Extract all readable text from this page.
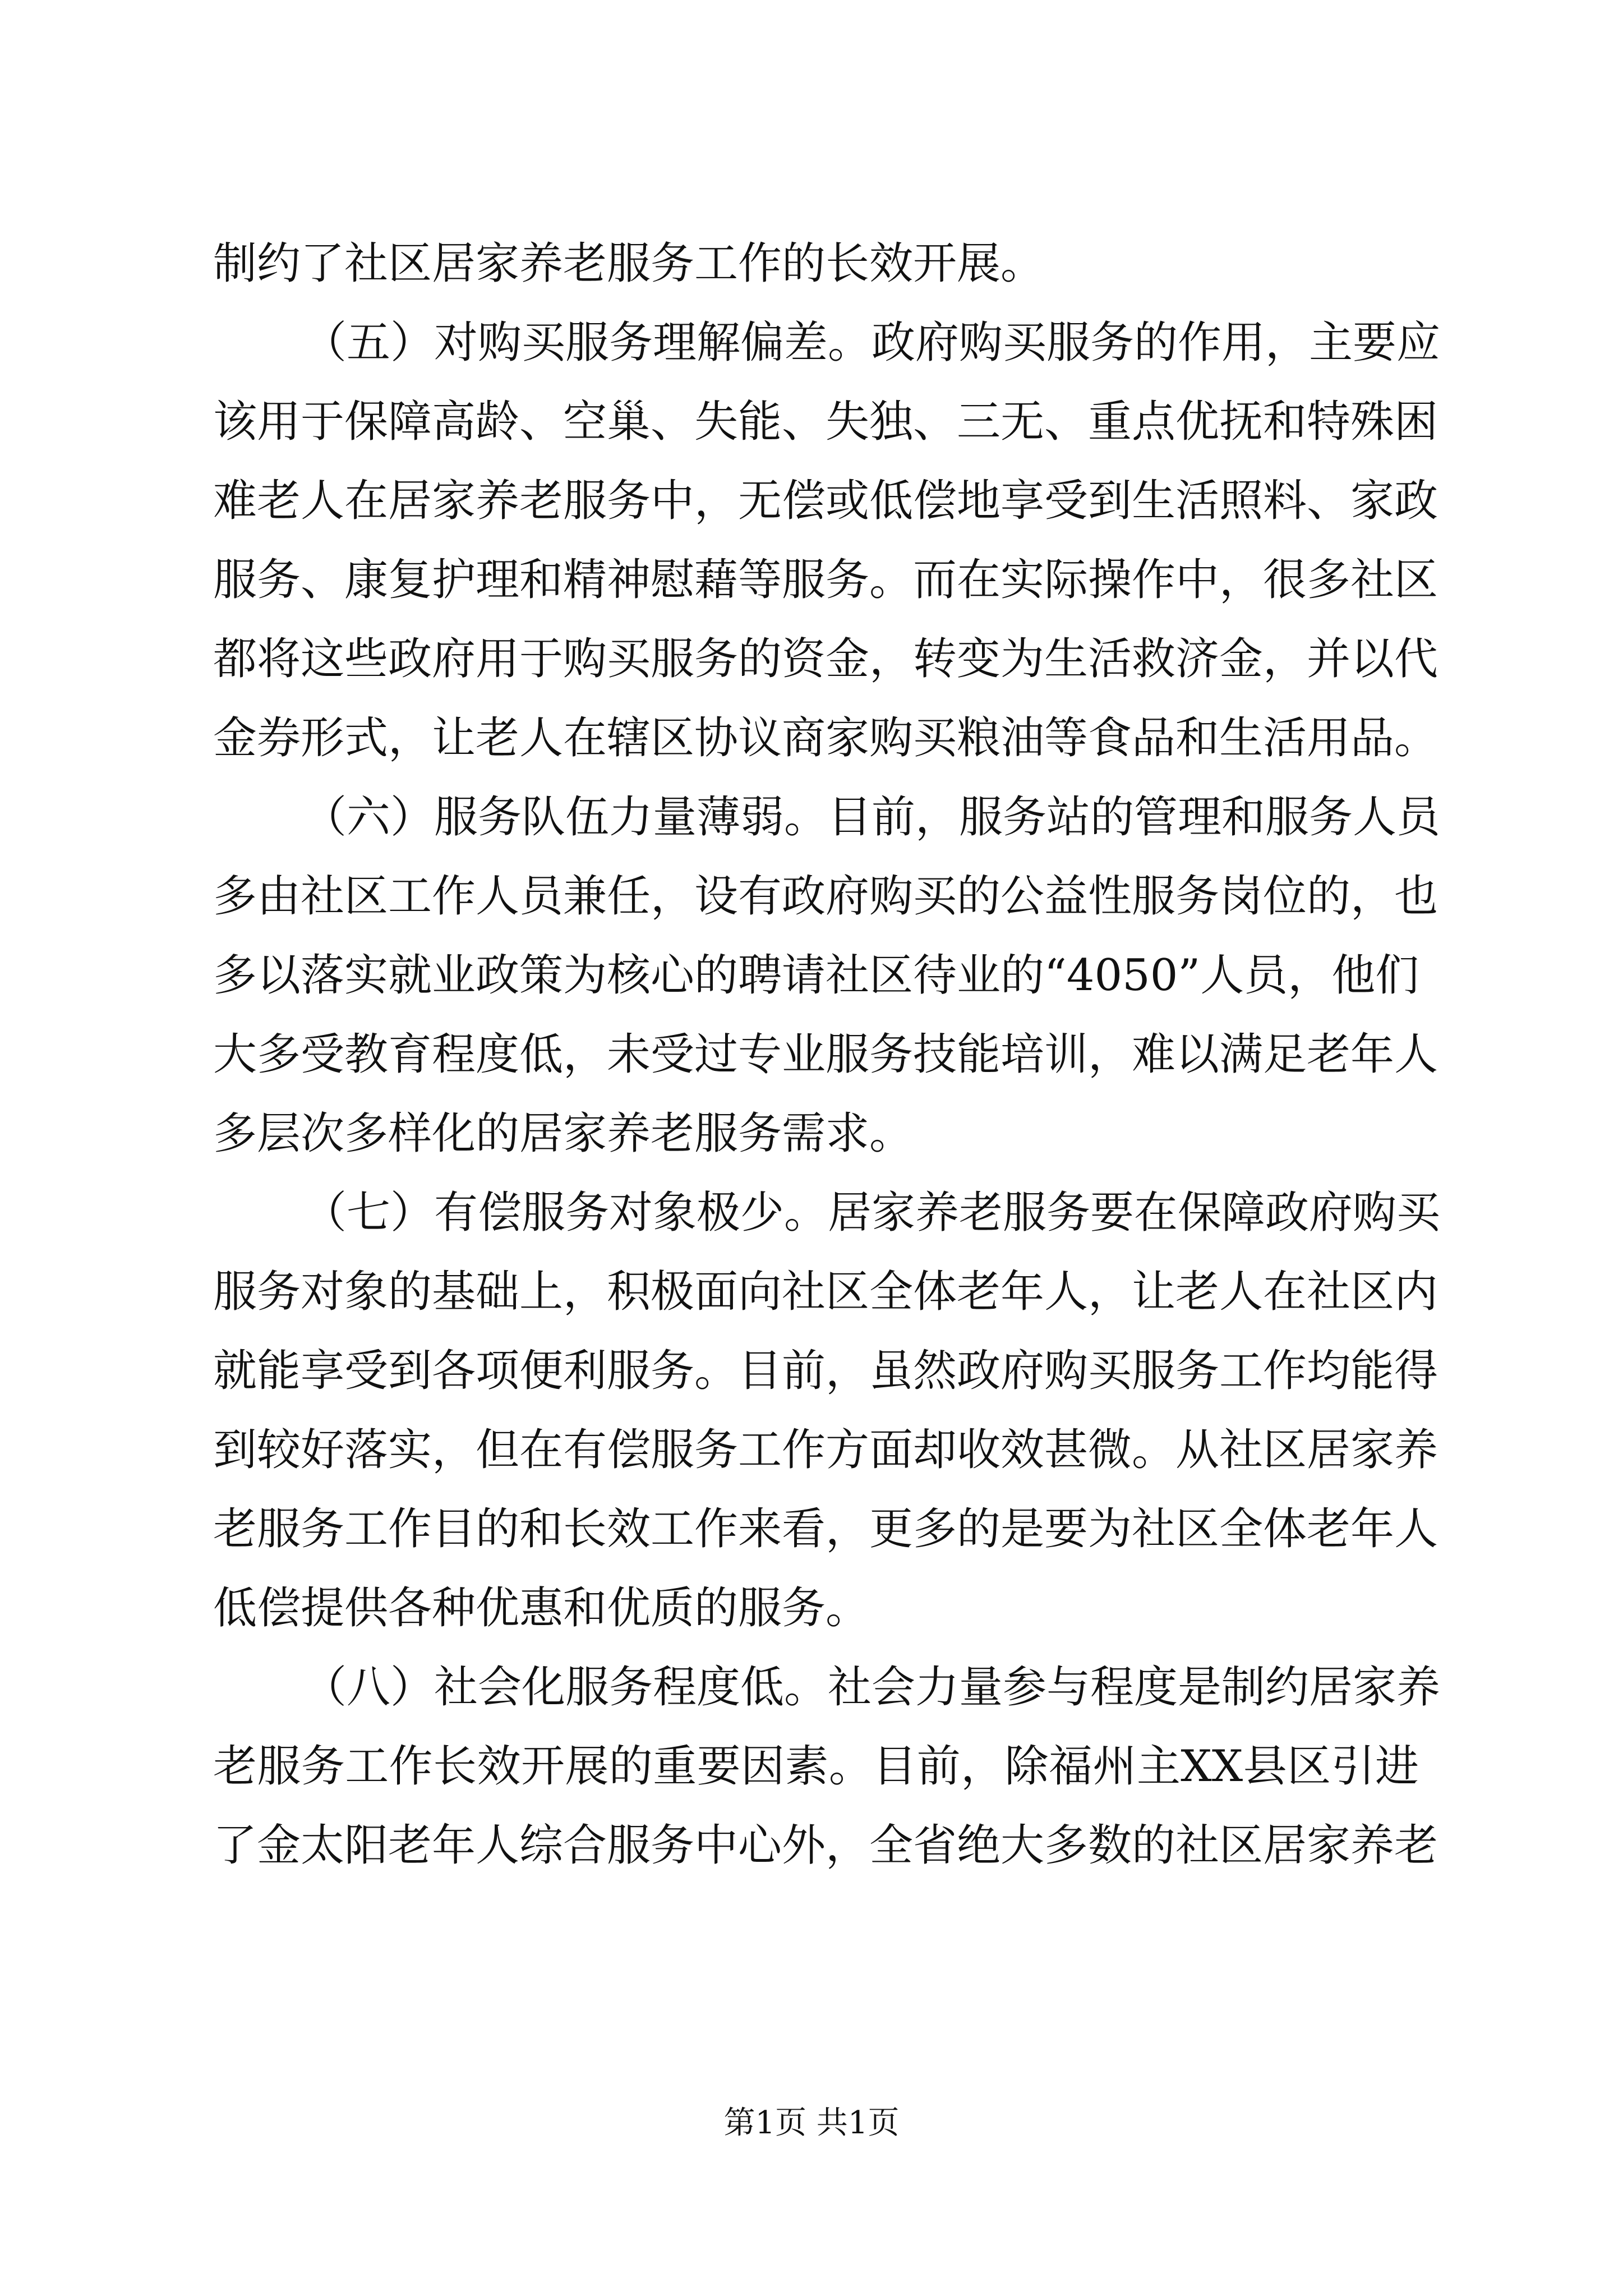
制约了社区居家养老服务工作的长效开展。
（五）对购买服务理解偏差。政府购买服务的作用，主要应
该用于保障高龄、空巢、失能、失独、三无、重点优抚和特殊困
难老人在居家养老服务中，无偿或低偿地享受到生活照料、家政
服务、康复护理和精神慰藉等服务。而在实际操作中，很多社区
都将这些政府用于购买服务的资金，转变为生活救济金，并以代
金券形式，让老人在辖区协议商家购买粮油等食品和生活用品。
（六）服务队伍力量薄弱。目前，服务站的管理和服务人员
多由社区工作人员兼任，设有政府购买的公益性服务岗位的，也
多以落实就业政策为核心的聘请社区待业的“4050”人员，他们
大多受教育程度低，未受过专业服务技能培训，难以满足老年人
多层次多样化的居家养老服务需求。
（七）有偿服务对象极少。居家养老服务要在保障政府购买
服务对象的基础上，积极面向社区全体老年人，让老人在社区内
就能享受到各项便利服务。目前，虽然政府购买服务工作均能得
到较好落实，但在有偿服务工作方面却收效甚微。从社区居家养
老服务工作目的和长效工作来看，更多的是要为社区全体老年人
低偿提供各种优惠和优质的服务。
（八）社会化服务程度低。社会力量参与程度是制约居家养
老服务工作长效开展的重要因素。目前，除福州主XX县区引进
了金太阳老年人综合服务中心外，全省绝大多数的社区居家养老
第1页 共1页
